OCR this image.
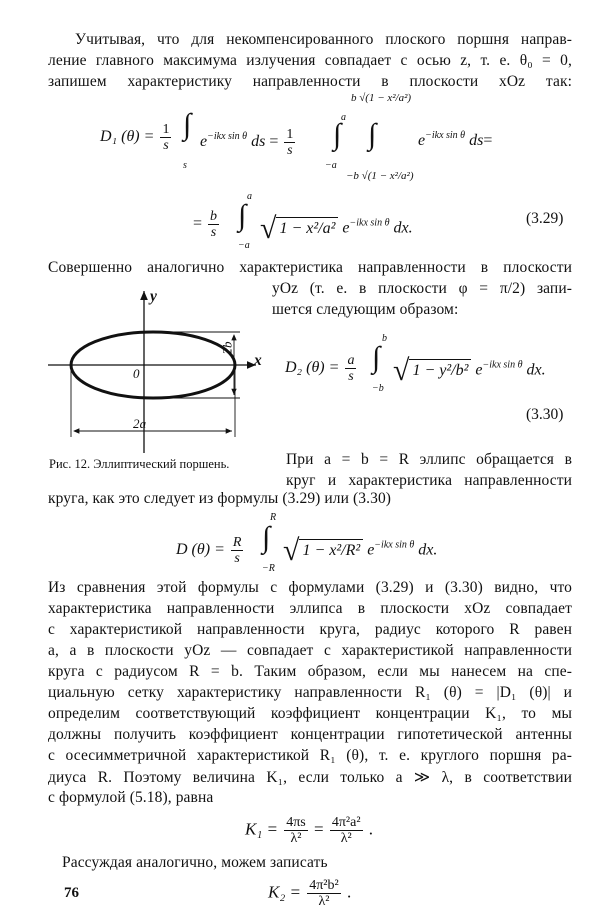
Учитывая, что для некомпенсированного плоского поршня направ-
ление главного максимума излучения совпадает с осью z, т. е. θ₀ = 0,
запишем характеристику направленности в плоскости xOz так:
D₁ $(\theta) = \frac{1}{s}$ ∫
s
$e^{-ikx sin \theta}$ ds = $\frac{1}{s}$
a
∫
−a
b √(1 − x²/a²)
∫
−b √(1 − x²/a²)
$e^{-ikx sin \theta}$ ds=
= $\frac{b}{s}$
a
∫
−a
√ 1 − x²/a² $e^{-ikx sin \theta}$ dx.
(3.29)
Совершенно аналогично характеристика направленности в плоскости
yOz (т. е. в плоскости φ = π/2) запи-
шется следующим образом:
y
x
0
2b
2a
Рис. 12. Эллиптический поршень.
D₂ $(\theta) = \frac{a}{s}$
b
∫
−b
√ 1 − y²/b² $e^{-ikx sin \theta}$ dx.
(3.30)
При a = b = R эллипс обращается в
круг и характеристика направленности
круга, как это следует из формулы (3.29) или (3.30)
D $(\theta) = \frac{R}{s}$
R
∫
−R
√ 1 − x²/R² $e^{-ikx sin \theta}$ dx.
Из сравнения этой формулы с формулами (3.29) и (3.30) видно, что
характеристика направленности эллипса в плоскости xOz совпадает
с характеристикой направленности круга, радиус которого R равен
a, а в плоскости yOz — совпадает с характеристикой направленности
круга с радиусом R = b. Таким образом, если мы нанесем на спе-
циальную сетку характеристику направленности R₁ (θ) = |D₁ (θ)| и
определим соответствующий коэффициент концентрации K₁, то мы
должны получить коэффициент концентрации гипотетической антенны
с осесимметричной характеристикой R₁ (θ), т. е. круглого поршня ра-
диуса R. Поэтому величина K₁, если только a ≫ λ, в соответствии
с формулой (5.18), равна
$K_1 = \frac{4\pi s}{\text{λ²}} = \frac{\text{4π²a²}}{\text{λ²}}$ .
Рассуждая аналогично, можем записать
$K_2 = \frac{\text{4π²b²}}{\text{λ²}}$ .
76
